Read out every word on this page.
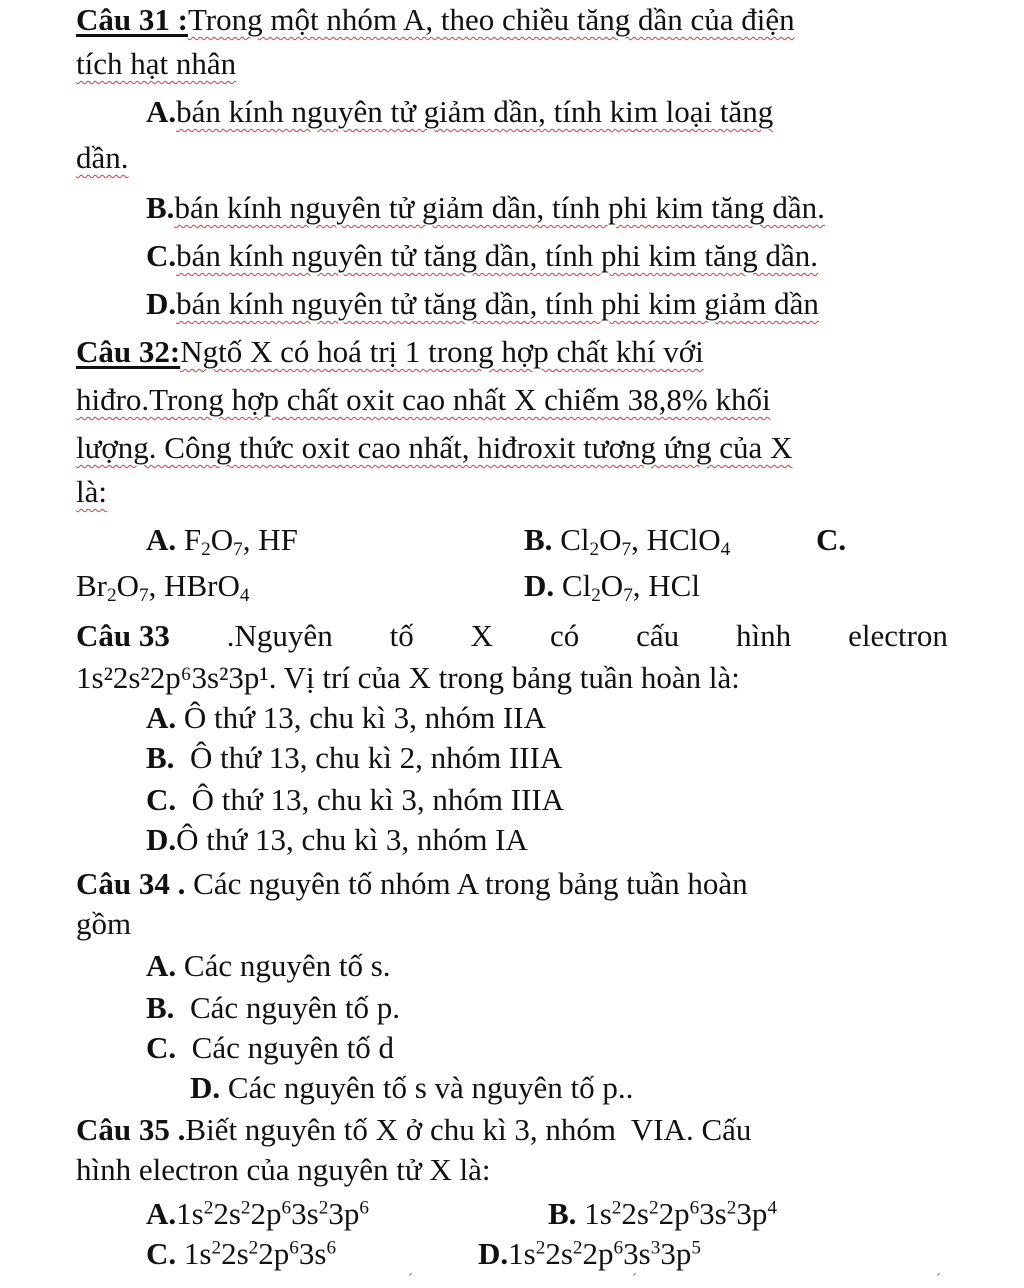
Câu 31 :Trong một nhóm A, theo chiều tăng dần của điện
tích hạt nhân
A.bán kính nguyên tử giảm dần, tính kim loại tăng
dần.
B.bán kính nguyên tử giảm dần, tính phi kim tăng dần.
C.bán kính nguyên tử tăng dần, tính phi kim tăng dần.
D.bán kính nguyên tử tăng dần, tính phi kim giảm dần
Câu 32:Ngtố X có hoá trị 1 trong hợp chất khí với
hiđro.Trong hợp chất oxit cao nhất X chiếm 38,8% khối
lượng. Công thức oxit cao nhất, hiđroxit tương ứng của X
là:
A. $F_2O_7$, HF	B. $Cl_2O_7$, HClO$_4$	C.
$Br_2O_7$, HBrO$_4$	D. $Cl_2O_7$, HCl
Câu 33 .Nguyên tố X có cấu hình electron
1s²2s²2p⁶3s²3p¹. Vị trí của X trong bảng tuần hoàn là:
A. Ô thứ 13, chu kì 3, nhóm IIA
B.  Ô thứ 13, chu kì 2, nhóm IIIA
C.  Ô thứ 13, chu kì 3, nhóm IIIA
D.Ô thứ 13, chu kì 3, nhóm IA
Câu 34 . Các nguyên tố nhóm A trong bảng tuần hoàn
gồm
A. Các nguyên tố s.
B.  Các nguyên tố p.
C.  Các nguyên tố d
D. Các nguyên tố s và nguyên tố p..
Câu 35 .Biết nguyên tố X ở chu kì 3, nhóm  VIA. Cấu
hình electron của nguyên tử X là:
$A.1s^22s^22p^63s^23p^6$	B. $1s^22s^22p^63s^23p^4$
C. $1s^22s^22p^63s^6$	$D.1s^22s^22p^63s^33p^5$
´	´	´
